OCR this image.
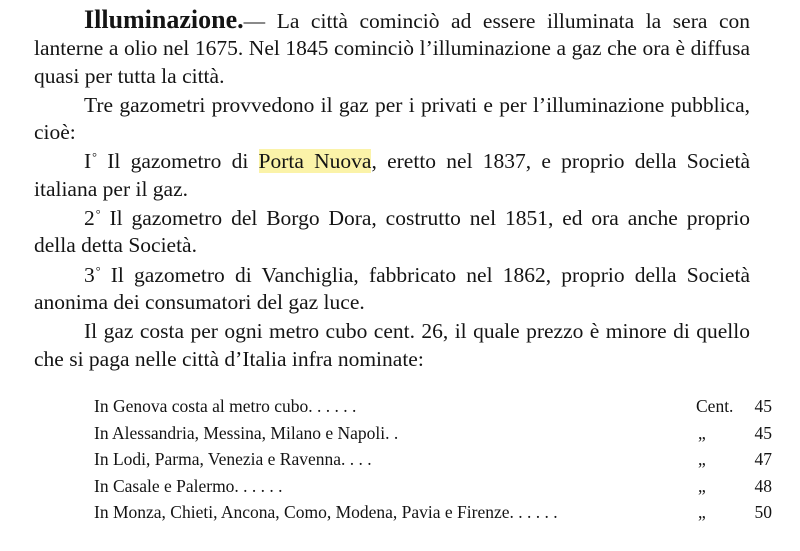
Illuminazione.— La città cominciò ad essere illuminata la sera con lanterne a olio nel 1675. Nel 1845 cominciò l’illuminazione a gaz che ora è diffusa quasi per tutta la città.

Tre gazometri provvedono il gaz per i privati e per l’illuminazione pubblica, cioè:

I° Il gazometro di Porta Nuova, eretto nel 1837, e proprio della Società italiana per il gaz.

2° Il gazometro del Borgo Dora, costrutto nel 1851, ed ora anche proprio della detta Società.

3° Il gazometro di Vanchiglia, fabbricato nel 1862, proprio della Società anonima dei consumatori del gaz luce.

Il gaz costa per ogni metro cubo cent. 26, il quale prezzo è minore di quello che si paga nelle città d’Italia infra nominate:

In Genova costa al metro cubo. . . . . .	Cent.	45
In Alessandria, Messina, Milano e Napoli. .	„	45
In Lodi, Parma, Venezia e Ravenna. . . .	„	47
In Casale e Palermo. . . . . .	„	48
In Monza, Chieti, Ancona, Como, Modena, Pavia e Firenze. . . . . .	„	50
